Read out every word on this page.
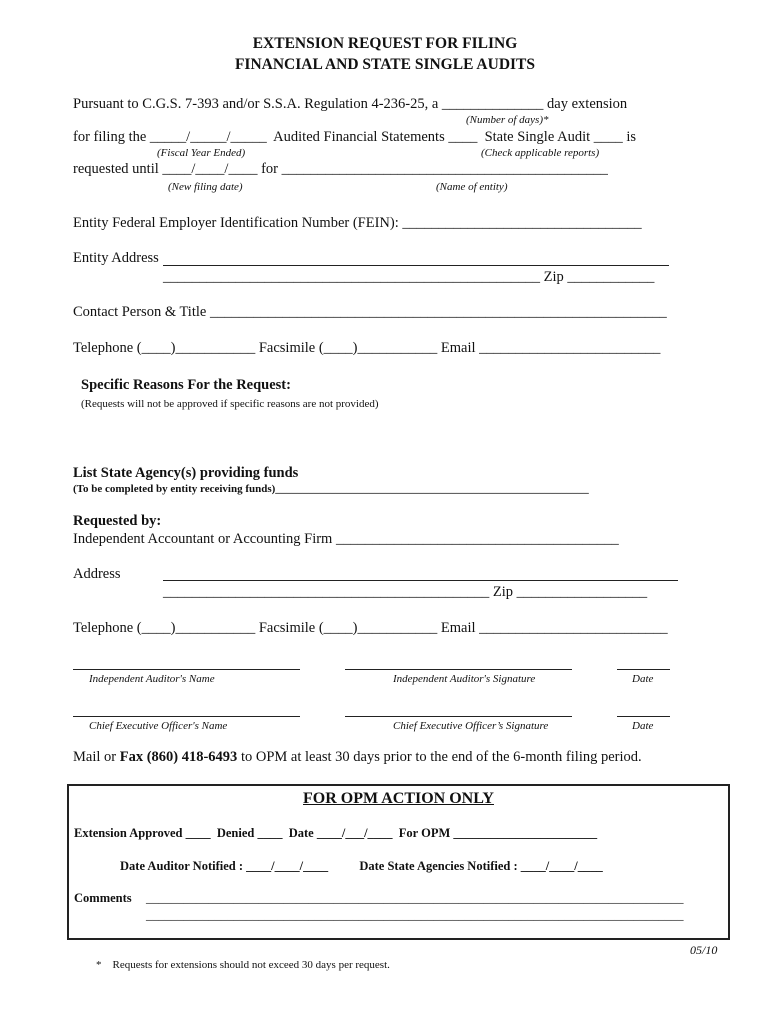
EXTENSION REQUEST FOR FILING
FINANCIAL AND STATE SINGLE AUDITS
Pursuant to C.G.S. 7-393 and/or S.S.A. Regulation 4-236-25, a ______________ day extension
(Number of days)*
for filing the _____/_____/_____  Audited Financial Statements ____  State Single Audit ____ is
(Fiscal Year Ended)	(Check applicable reports)
requested until ____/____/____ for _____________________________________________
(New filing date)	(Name of entity)
Entity Federal Employer Identification Number (FEIN): _________________________________
Entity Address
____________________________________________________ Zip ____________
Contact Person & Title _______________________________________________________________
Telephone (____)___________ Facsimile (____)___________ Email _________________________

Specific Reasons For the Request:
(Requests will not be approved if specific reasons are not provided)

List State Agency(s) providing funds
(To be completed by entity receiving funds)_________________________________________________________
Requested by:
Independent Accountant or Accounting Firm _______________________________________
Address
_____________________________________________ Zip __________________
Telephone (____)___________ Facsimile (____)___________ Email __________________________
Independent Auditor's Name	Independent Auditor's Signature	Date
Chief Executive Officer's Name	Chief Executive Officer’s Signature	Date
Mail or Fax (860) 418-6493 to OPM at least 30 days prior to the end of the 6-month filing period.
FOR OPM ACTION ONLY
Extension Approved ____  Denied ____  Date ____/___/____  For OPM _______________________
Date Auditor Notified : ____/____/____          Date State Agencies Notified : ____/____/____
Comments ______________________________________________________________________________________
______________________________________________________________________________________
05/10
*    Requests for extensions should not exceed 30 days per request.
